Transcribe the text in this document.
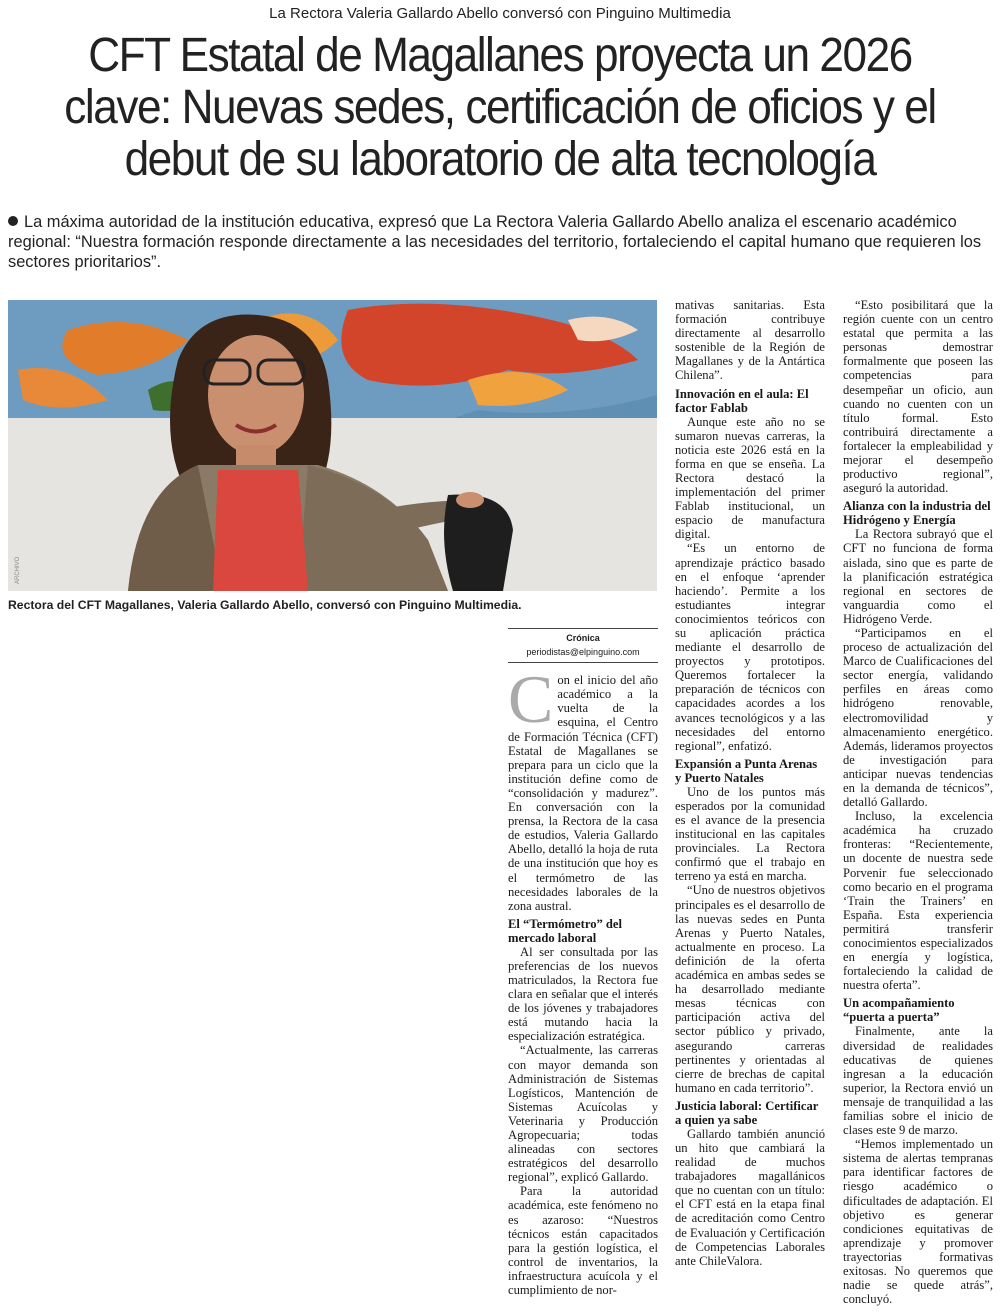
La Rectora Valeria Gallardo Abello conversó con Pinguino Multimedia
CFT Estatal de Magallanes proyecta un 2026 clave: Nuevas sedes, certificación de oficios y el debut de su laboratorio de alta tecnología

La máxima autoridad de la institución educativa, expresó que La Rectora Valeria Gallardo Abello analiza el escenario académico regional: “Nuestra formación responde directamente a las necesidades del territorio, fortaleciendo el capital humano que requieren los sectores prioritarios”.

ARCHIVO
Rectora del CFT Magallanes, Valeria Gallardo Abello, conversó con Pinguino Multimedia.
Crónica
periodistas@elpinguino.com

Con el inicio del año académico a la vuelta de la esquina, el Centro de Formación Técnica (CFT) Estatal de Magallanes se prepara para un ciclo que la institución define como de “consolidación y madurez”. En conversación con la prensa, la Rectora de la casa de estudios, Valeria Gallardo Abello, detalló la hoja de ruta de una institución que hoy es el termómetro de las necesidades laborales de la zona austral.

El “Termómetro” del mercado laboral

Al ser consultada por las preferencias de los nuevos matriculados, la Rectora fue clara en señalar que el interés de los jóvenes y trabajadores está mutando hacia la especialización estratégica.

“Actualmente, las carreras con mayor demanda son Administración de Sistemas Logísticos, Mantención de Sistemas Acuícolas y Veterinaria y Producción Agropecuaria; todas alineadas con sectores estratégicos del desarrollo regional”, explicó Gallardo.

Para la autoridad académica, este fenómeno no es azaroso: “Nuestros técnicos están capacitados para la gestión logística, el control de inventarios, la infraestructura acuícola y el cumplimiento de nor-

mativas sanitarias. Esta formación contribuye directamente al desarrollo sostenible de la Región de Magallanes y de la Antártica Chilena”.

Innovación en el aula: El factor Fablab

Aunque este año no se sumaron nuevas carreras, la noticia este 2026 está en la forma en que se enseña. La Rectora destacó la implementación del primer Fablab institucional, un espacio de manufactura digital.

“Es un entorno de aprendizaje práctico basado en el enfoque ‘aprender haciendo’. Permite a los estudiantes integrar conocimientos teóricos con su aplicación práctica mediante el desarrollo de proyectos y prototipos. Queremos fortalecer la preparación de técnicos con capacidades acordes a los avances tecnológicos y a las necesidades del entorno regional”, enfatizó.

Expansión a Punta Arenas y Puerto Natales

Uno de los puntos más esperados por la comunidad es el avance de la presencia institucional en las capitales provinciales. La Rectora confirmó que el trabajo en terreno ya está en marcha.

“Uno de nuestros objetivos principales es el desarrollo de las nuevas sedes en Punta Arenas y Puerto Natales, actualmente en proceso. La definición de la oferta académica en ambas sedes se ha desarrollado mediante mesas técnicas con participación activa del sector público y privado, asegurando carreras pertinentes y orientadas al cierre de brechas de capital humano en cada territorio”.

Justicia laboral: Certificar a quien ya sabe

Gallardo también anunció un hito que cambiará la realidad de muchos trabajadores magallánicos que no cuentan con un título: el CFT está en la etapa final de acreditación como Centro de Evaluación y Certificación de Competencias Laborales ante ChileValora.

“Esto posibilitará que la región cuente con un centro estatal que permita a las personas demostrar formalmente que poseen las competencias para desempeñar un oficio, aun cuando no cuenten con un título formal. Esto contribuirá directamente a fortalecer la empleabilidad y mejorar el desempeño productivo regional”, aseguró la autoridad.

Alianza con la industria del Hidrógeno y Energía

La Rectora subrayó que el CFT no funciona de forma aislada, sino que es parte de la planificación estratégica regional en sectores de vanguardia como el Hidrógeno Verde.

“Participamos en el proceso de actualización del Marco de Cualificaciones del sector energía, validando perfiles en áreas como hidrógeno renovable, electromovilidad y almacenamiento energético. Además, lideramos proyectos de investigación para anticipar nuevas tendencias en la demanda de técnicos”, detalló Gallardo.

Incluso, la excelencia académica ha cruzado fronteras: “Recientemente, un docente de nuestra sede Porvenir fue seleccionado como becario en el programa ‘Train the Trainers’ en España. Esta experiencia permitirá transferir conocimientos especializados en energía y logística, fortaleciendo la calidad de nuestra oferta”.

Un acompañamiento “puerta a puerta”

Finalmente, ante la diversidad de realidades educativas de quienes ingresan a la educación superior, la Rectora envió un mensaje de tranquilidad a las familias sobre el inicio de clases este 9 de marzo.

“Hemos implementado un sistema de alertas tempranas para identificar factores de riesgo académico o dificultades de adaptación. El objetivo es generar condiciones equitativas de aprendizaje y promover trayectorias formativas exitosas. No queremos que nadie se quede atrás”, concluyó.
